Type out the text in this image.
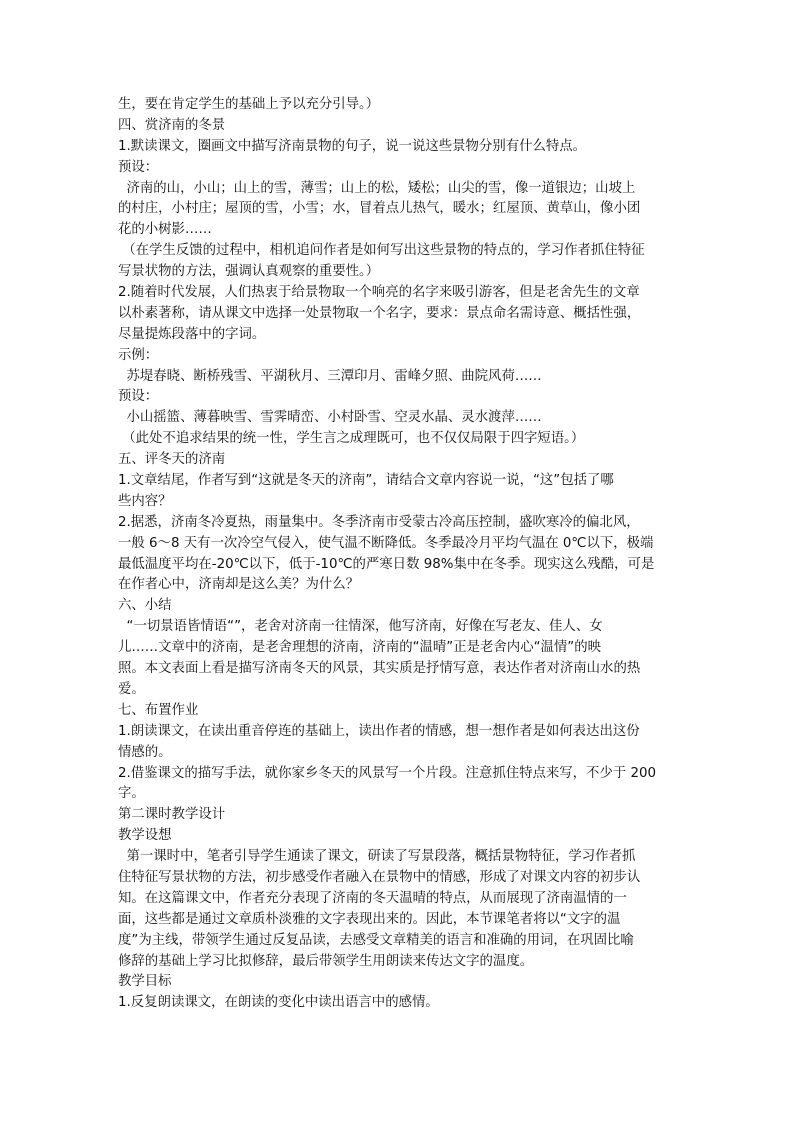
生，要在肯定学生的基础上予以充分引导。）
四、赏济南的冬景
1.默读课文，圈画文中描写济南景物的句子，说一说这些景物分别有什么特点。
预设：
济南的山，小山；山上的雪，薄雪；山上的松，矮松；山尖的雪，像一道银边；山坡上
的村庄，小村庄；屋顶的雪，小雪；水，冒着点儿热气，暖水；红屋顶、黄草山，像小团
花的小树影……
（在学生反馈的过程中，相机追问作者是如何写出这些景物的特点的，学习作者抓住特征
写景状物的方法，强调认真观察的重要性。）
2.随着时代发展，人们热衷于给景物取一个响亮的名字来吸引游客，但是老舍先生的文章
以朴素著称，请从课文中选择一处景物取一个名字，要求：景点命名需诗意、概括性强，
尽量提炼段落中的字词。
示例：
苏堤春晓、断桥残雪、平湖秋月、三潭印月、雷峰夕照、曲院风荷……
预设：
小山摇篮、薄暮映雪、雪霁晴峦、小村卧雪、空灵水晶、灵水渡萍……
（此处不追求结果的统一性，学生言之成理既可，也不仅仅局限于四字短语。）
五、评冬天的济南
1.文章结尾，作者写到“这就是冬天的济南”，请结合文章内容说一说，“这”包括了哪
些内容？
2.据悉，济南冬冷夏热，雨量集中。冬季济南市受蒙古冷高压控制，盛吹寒冷的偏北风，
一般 6～8 天有一次冷空气侵入，使气温不断降低。冬季最冷月平均气温在 0℃以下，极端
最低温度平均在-20℃以下，低于-10℃的严寒日数 98%集中在冬季。现实这么残酷，可是
在作者心中，济南却是这么美？为什么？
六、小结
“一切景语皆情语“”，老舍对济南一往情深，他写济南，好像在写老友、佳人、女
儿……文章中的济南，是老舍理想的济南，济南的“温晴”正是老舍内心“温情”的映
照。本文表面上看是描写济南冬天的风景，其实质是抒情写意，表达作者对济南山水的热
爱。
七、布置作业
1.朗读课文，在读出重音停连的基础上，读出作者的情感，想一想作者是如何表达出这份
情感的。
2.借鉴课文的描写手法，就你家乡冬天的风景写一个片段。注意抓住特点来写，不少于 200
字。
第二课时教学设计
教学设想
第一课时中，笔者引导学生通读了课文，研读了写景段落，概括景物特征，学习作者抓
住特征写景状物的方法，初步感受作者融入在景物中的情感，形成了对课文内容的初步认
知。在这篇课文中，作者充分表现了济南的冬天温晴的特点，从而展现了济南温情的一
面，这些都是通过文章质朴淡雅的文字表现出来的。因此，本节课笔者将以“文字的温
度”为主线，带领学生通过反复品读，去感受文章精美的语言和准确的用词，在巩固比喻
修辞的基础上学习比拟修辞，最后带领学生用朗读来传达文字的温度。
教学目标
1.反复朗读课文，在朗读的变化中读出语言中的感情。
